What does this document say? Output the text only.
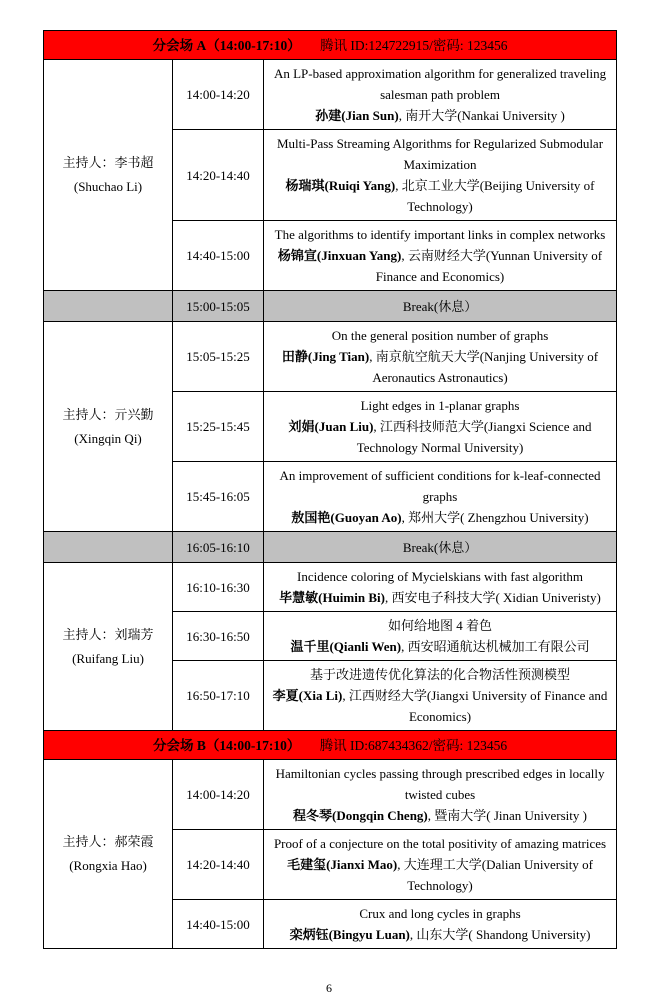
分会场 A（14:00-17:10） 腾讯 ID:124722915/密码: 123456		

主持人：李书超
(Shuchao Li)
	14:00-14:20	
An LP-based approximation algorithm for generalized traveling salesman path problem
孙建(Jian Sun), 南开大学(Nankai University )

	14:20-14:40	Multi-Pass Streaming Algorithms for Regularized Submodular Maximization
杨瑞琪(Ruiqi Yang), 北京工业大学(Beijing University of Technology)

	14:40-15:00	The algorithms to identify important links in complex networks
杨锦宣(Jinxuan Yang), 云南财经大学(Yunnan University of Finance and Economics)

	15:00-15:05	Break(休息）

主持人：亓兴勤
(Xingqin Qi)
	15:05-15:25	
On the general position number of graphs
田静(Jing Tian), 南京航空航天大学(Nanjing University of Aeronautics Astronautics)

	15:25-15:45	Light edges in 1-planar graphs
刘娟(Juan Liu), 江西科技师范大学(Jiangxi Science and Technology Normal University)

	15:45-16:05	An improvement of sufficient conditions for k-leaf-connected graphs
敖国艳(Guoyan Ao), 郑州大学( Zhengzhou University)

	16:05-16:10	Break(休息）

主持人：刘瑞芳
(Ruifang Liu)
	16:10-16:30	
Incidence coloring of Mycielskians with fast algorithm
毕慧敏(Huimin Bi), 西安电子科技大学( Xidian Univeristy)

	16:30-16:50	如何给地图 4 着色
温千里(Qianli Wen), 西安昭通航达机械加工有限公司

	16:50-17:10	基于改进遗传优化算法的化合物活性预测模型
李夏(Xia Li), 江西财经大学(Jiangxi University of Finance and Economics)

分会场 B（14:00-17:10） 腾讯 ID:687434362/密码: 123456		

主持人：郝荣霞
(Rongxia Hao)
	14:00-14:20	
Hamiltonian cycles passing through prescribed edges in locally twisted cubes
程冬琴(Dongqin Cheng), 暨南大学( Jinan University )

	14:20-14:40	Proof of a conjecture on the total positivity of amazing matrices
毛建玺(Jianxi Mao), 大连理工大学(Dalian University of Technology)

	14:40-15:00	Crux and long cycles in graphs
栾炳钰(Bingyu Luan), 山东大学( Shandong University)
6
